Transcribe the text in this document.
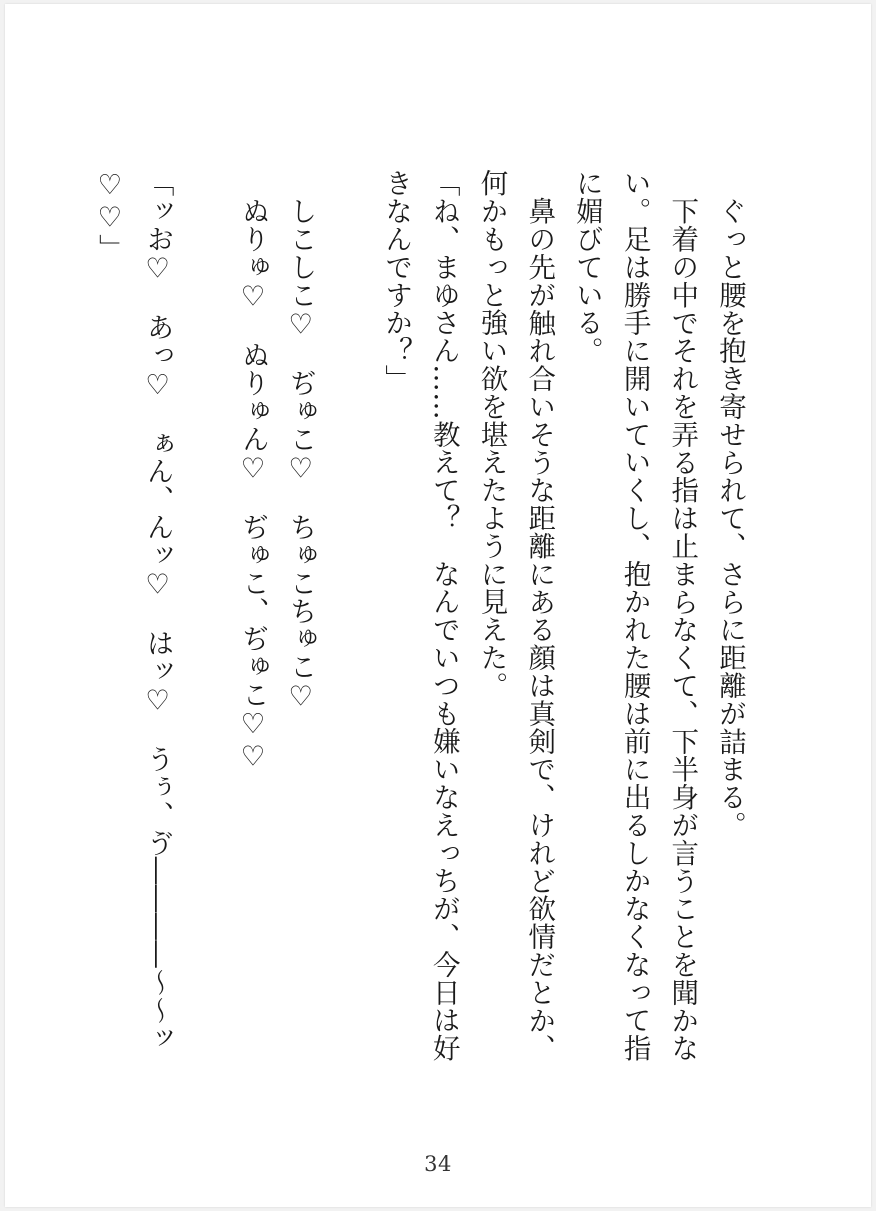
ぐっと腰を抱き寄せられて、さらに距離が詰まる。

下着の中でそれを弄る指は止まらなくて、下半身が言うことを聞かない。足は勝手に開いていくし、抱かれた腰は前に出るしかなくなって指に媚びている。

鼻の先が触れ合いそうな距離にある顔は真剣で、けれど欲情だとか、何かもっと強い欲を堪えたように見えた。

「ね、まゆさん……教えて？　なんでいつも嫌いなえっちが、今日は好きなんですか？」

しこしこ♡　ぢゅこ♡　ちゅこちゅこ♡

ぬりゅ♡　ぬりゅん♡　ぢゅこ、ぢゅこ♡♡

「ッお♡　あっ♡　ぁん、んッ♡　はッ♡　うぅ、ゔ――――～～ッ♡♡」

34
